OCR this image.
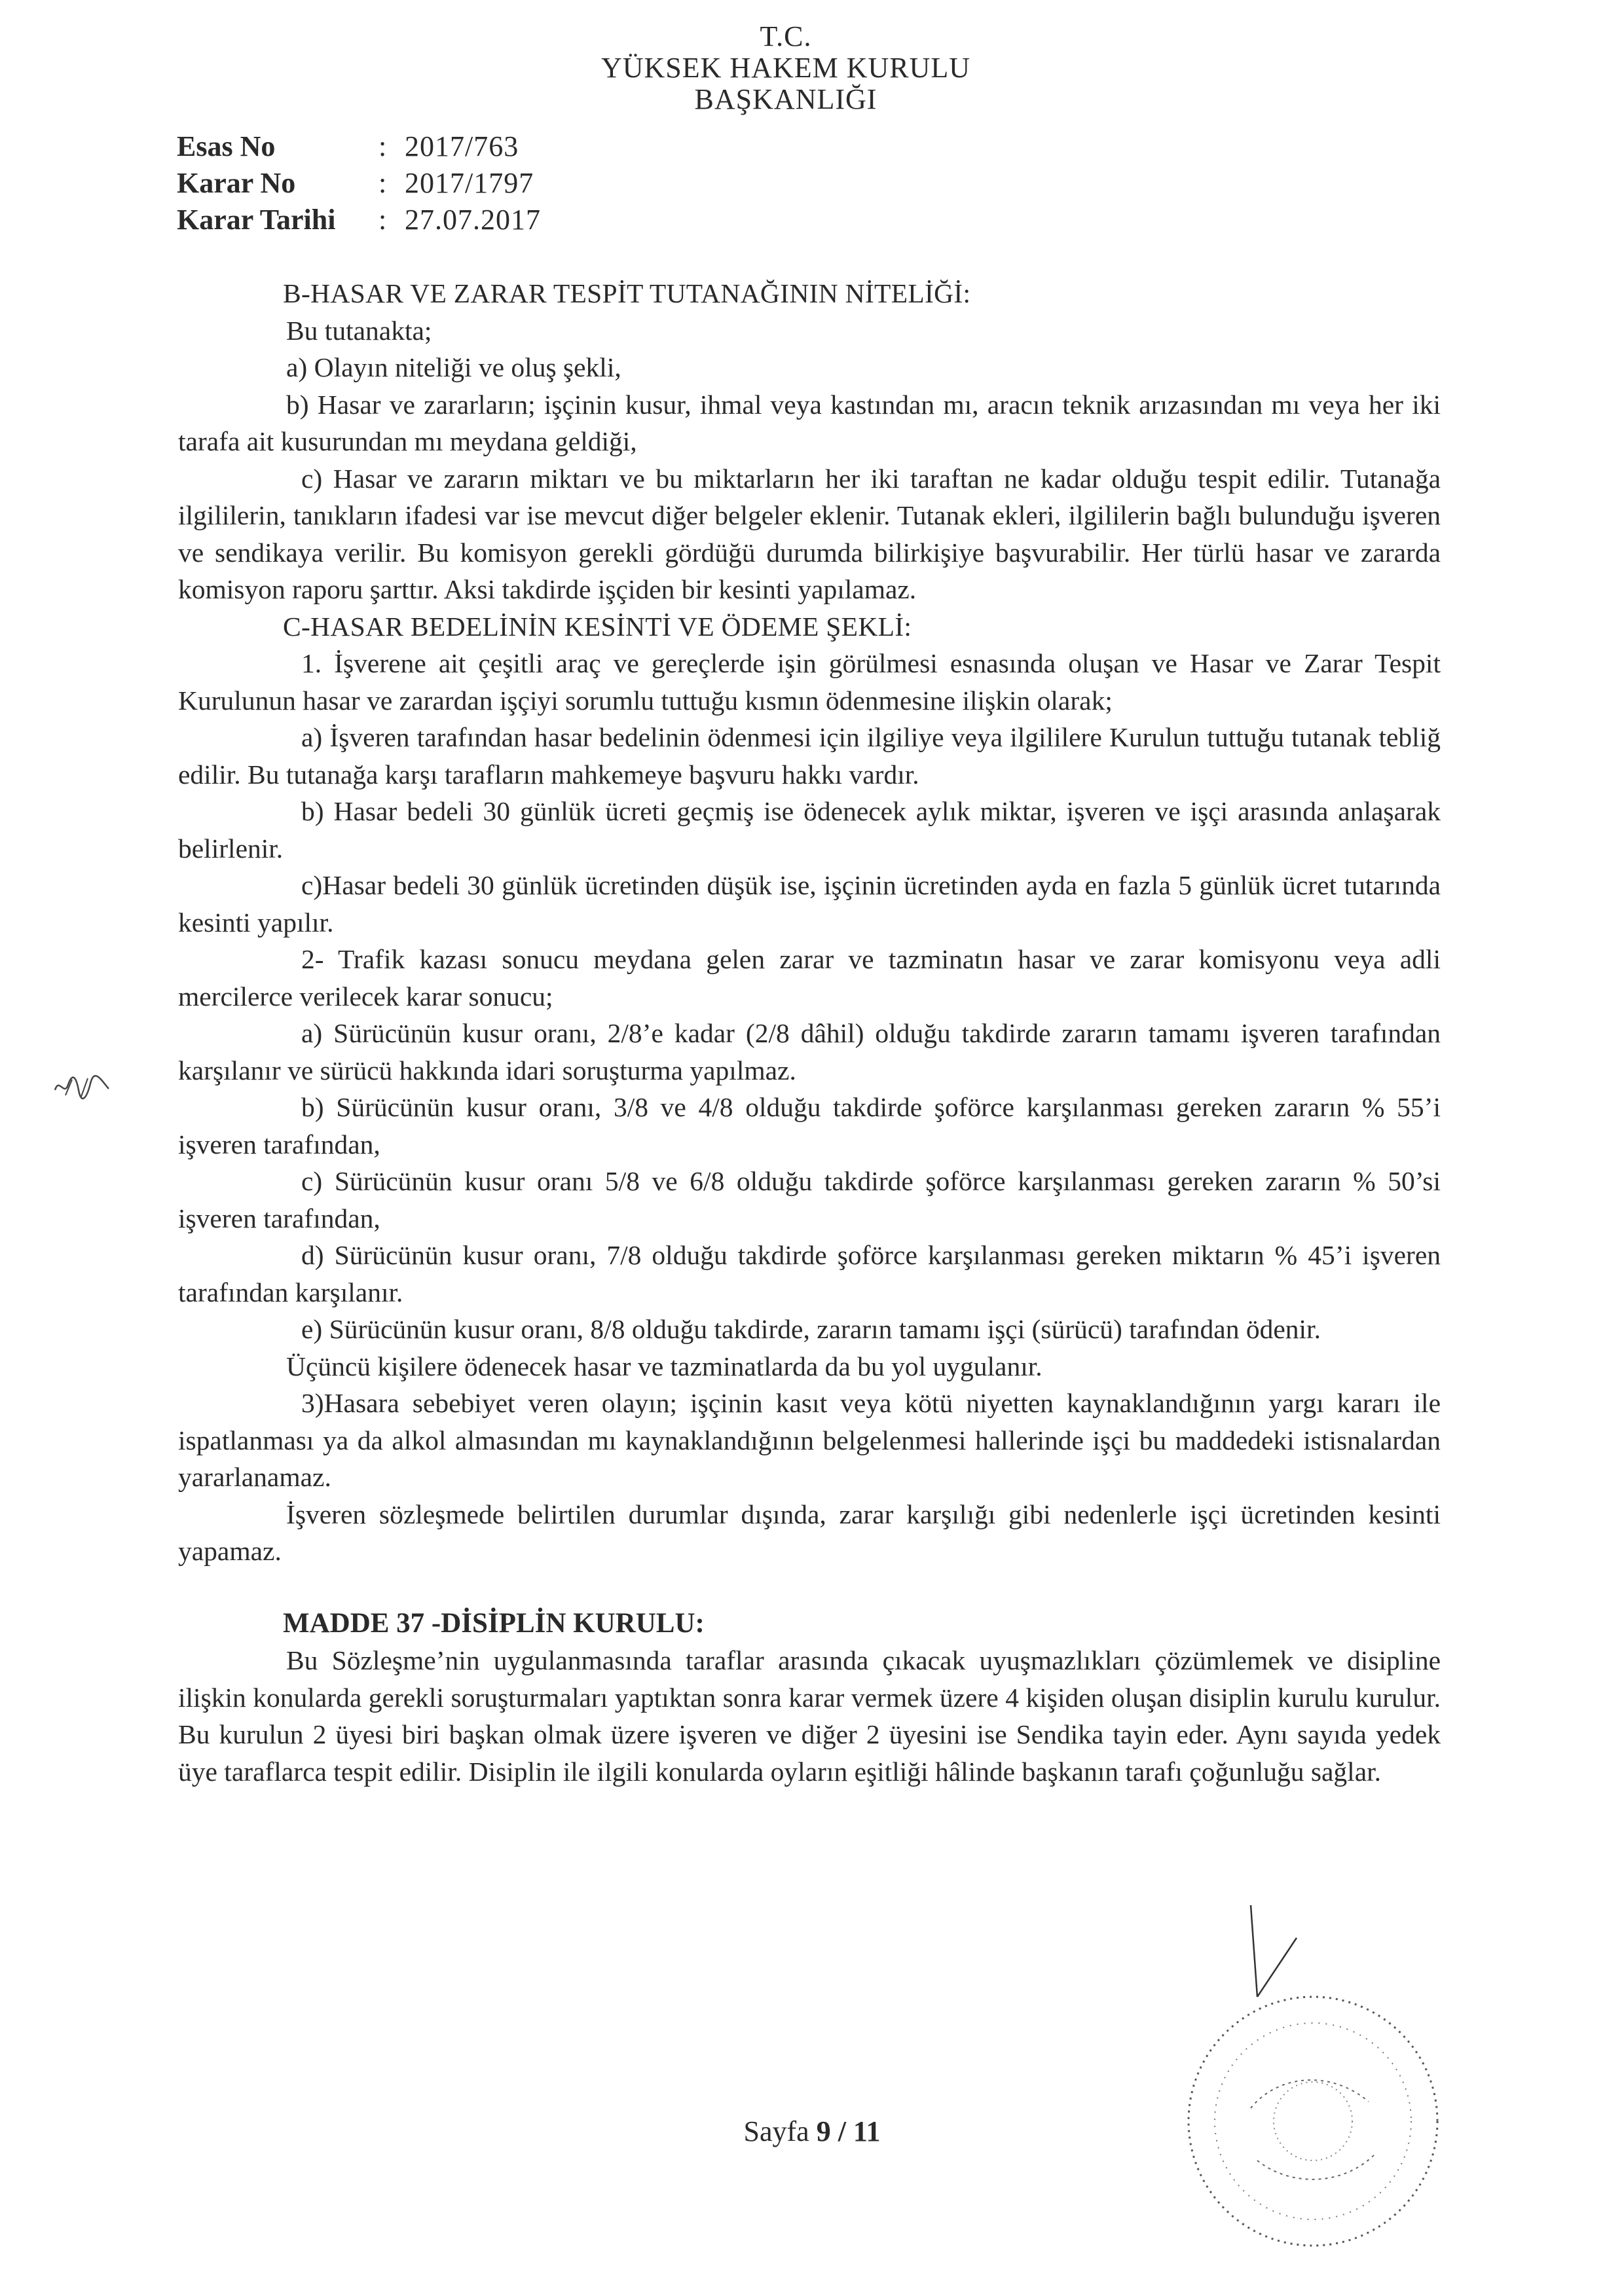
T.C.
YÜKSEK HAKEM KURULU
BAŞKANLIĞI
Esas No	: 2017/763
Karar No	: 2017/1797
Karar Tarihi	: 27.07.2017

B-HASAR VE ZARAR TESPİT TUTANAĞININ NİTELİĞİ:

Bu tutanakta;

a) Olayın niteliği ve oluş şekli,

b) Hasar ve zararların; işçinin kusur, ihmal veya kastından mı, aracın teknik arızasından mı veya her iki tarafa ait kusurundan mı meydana geldiği,

c) Hasar ve zararın miktarı ve bu miktarların her iki taraftan ne kadar olduğu tespit edilir. Tutanağa ilgililerin, tanıkların ifadesi var ise mevcut diğer belgeler eklenir. Tutanak ekleri, ilgililerin bağlı bulunduğu işveren ve sendikaya verilir. Bu komisyon gerekli gördüğü durumda bilirkişiye başvurabilir. Her türlü hasar ve zararda komisyon raporu şarttır. Aksi takdirde işçiden bir kesinti yapılamaz.

C-HASAR BEDELİNİN KESİNTİ VE ÖDEME ŞEKLİ:

1. İşverene ait çeşitli araç ve gereçlerde işin görülmesi esnasında oluşan ve Hasar ve Zarar Tespit Kurulunun hasar ve zarardan işçiyi sorumlu tuttuğu kısmın ödenmesine ilişkin olarak;

a) İşveren tarafından hasar bedelinin ödenmesi için ilgiliye veya ilgililere Kurulun tuttuğu tutanak tebliğ edilir. Bu tutanağa karşı tarafların mahkemeye başvuru hakkı vardır.

b) Hasar bedeli 30 günlük ücreti geçmiş ise ödenecek aylık miktar, işveren ve işçi arasında anlaşarak belirlenir.

c)Hasar bedeli 30 günlük ücretinden düşük ise, işçinin ücretinden ayda en fazla 5 günlük ücret tutarında kesinti yapılır.

2- Trafik kazası sonucu meydana gelen zarar ve tazminatın hasar ve zarar komisyonu veya adli mercilerce verilecek karar sonucu;

a) Sürücünün kusur oranı, 2/8’e kadar (2/8 dâhil) olduğu takdirde zararın tamamı işveren tarafından karşılanır ve sürücü hakkında idari soruşturma yapılmaz.

b) Sürücünün kusur oranı, 3/8 ve 4/8 olduğu takdirde şoförce karşılanması gereken zararın % 55’i işveren tarafından,

c) Sürücünün kusur oranı 5/8 ve 6/8 olduğu takdirde şoförce karşılanması gereken zararın % 50’si işveren tarafından,

d) Sürücünün kusur oranı, 7/8 olduğu takdirde şoförce karşılanması gereken miktarın % 45’i işveren tarafından karşılanır.

e) Sürücünün kusur oranı, 8/8 olduğu takdirde, zararın tamamı işçi (sürücü) tarafından ödenir.

Üçüncü kişilere ödenecek hasar ve tazminatlarda da bu yol uygulanır.

3)Hasara sebebiyet veren olayın; işçinin kasıt veya kötü niyetten kaynaklandığının yargı kararı ile ispatlanması ya da alkol almasından mı kaynaklandığının belgelenmesi hallerinde işçi bu maddedeki istisnalardan yararlanamaz.

İşveren sözleşmede belirtilen durumlar dışında, zarar karşılığı gibi nedenlerle işçi ücretinden kesinti yapamaz.

MADDE 37 -DİSİPLİN KURULU:

Bu Sözleşme’nin uygulanmasında taraflar arasında çıkacak uyuşmazlıkları çözümlemek ve disipline ilişkin konularda gerekli soruşturmaları yaptıktan sonra karar vermek üzere 4 kişiden oluşan disiplin kurulu kurulur. Bu kurulun 2 üyesi biri başkan olmak üzere işveren ve diğer 2 üyesini ise Sendika tayin eder. Aynı sayıda yedek üye taraflarca tespit edilir. Disiplin ile ilgili konularda oyların eşitliği hâlinde başkanın tarafı çoğunluğu sağlar.

Sayfa 9 / 11
